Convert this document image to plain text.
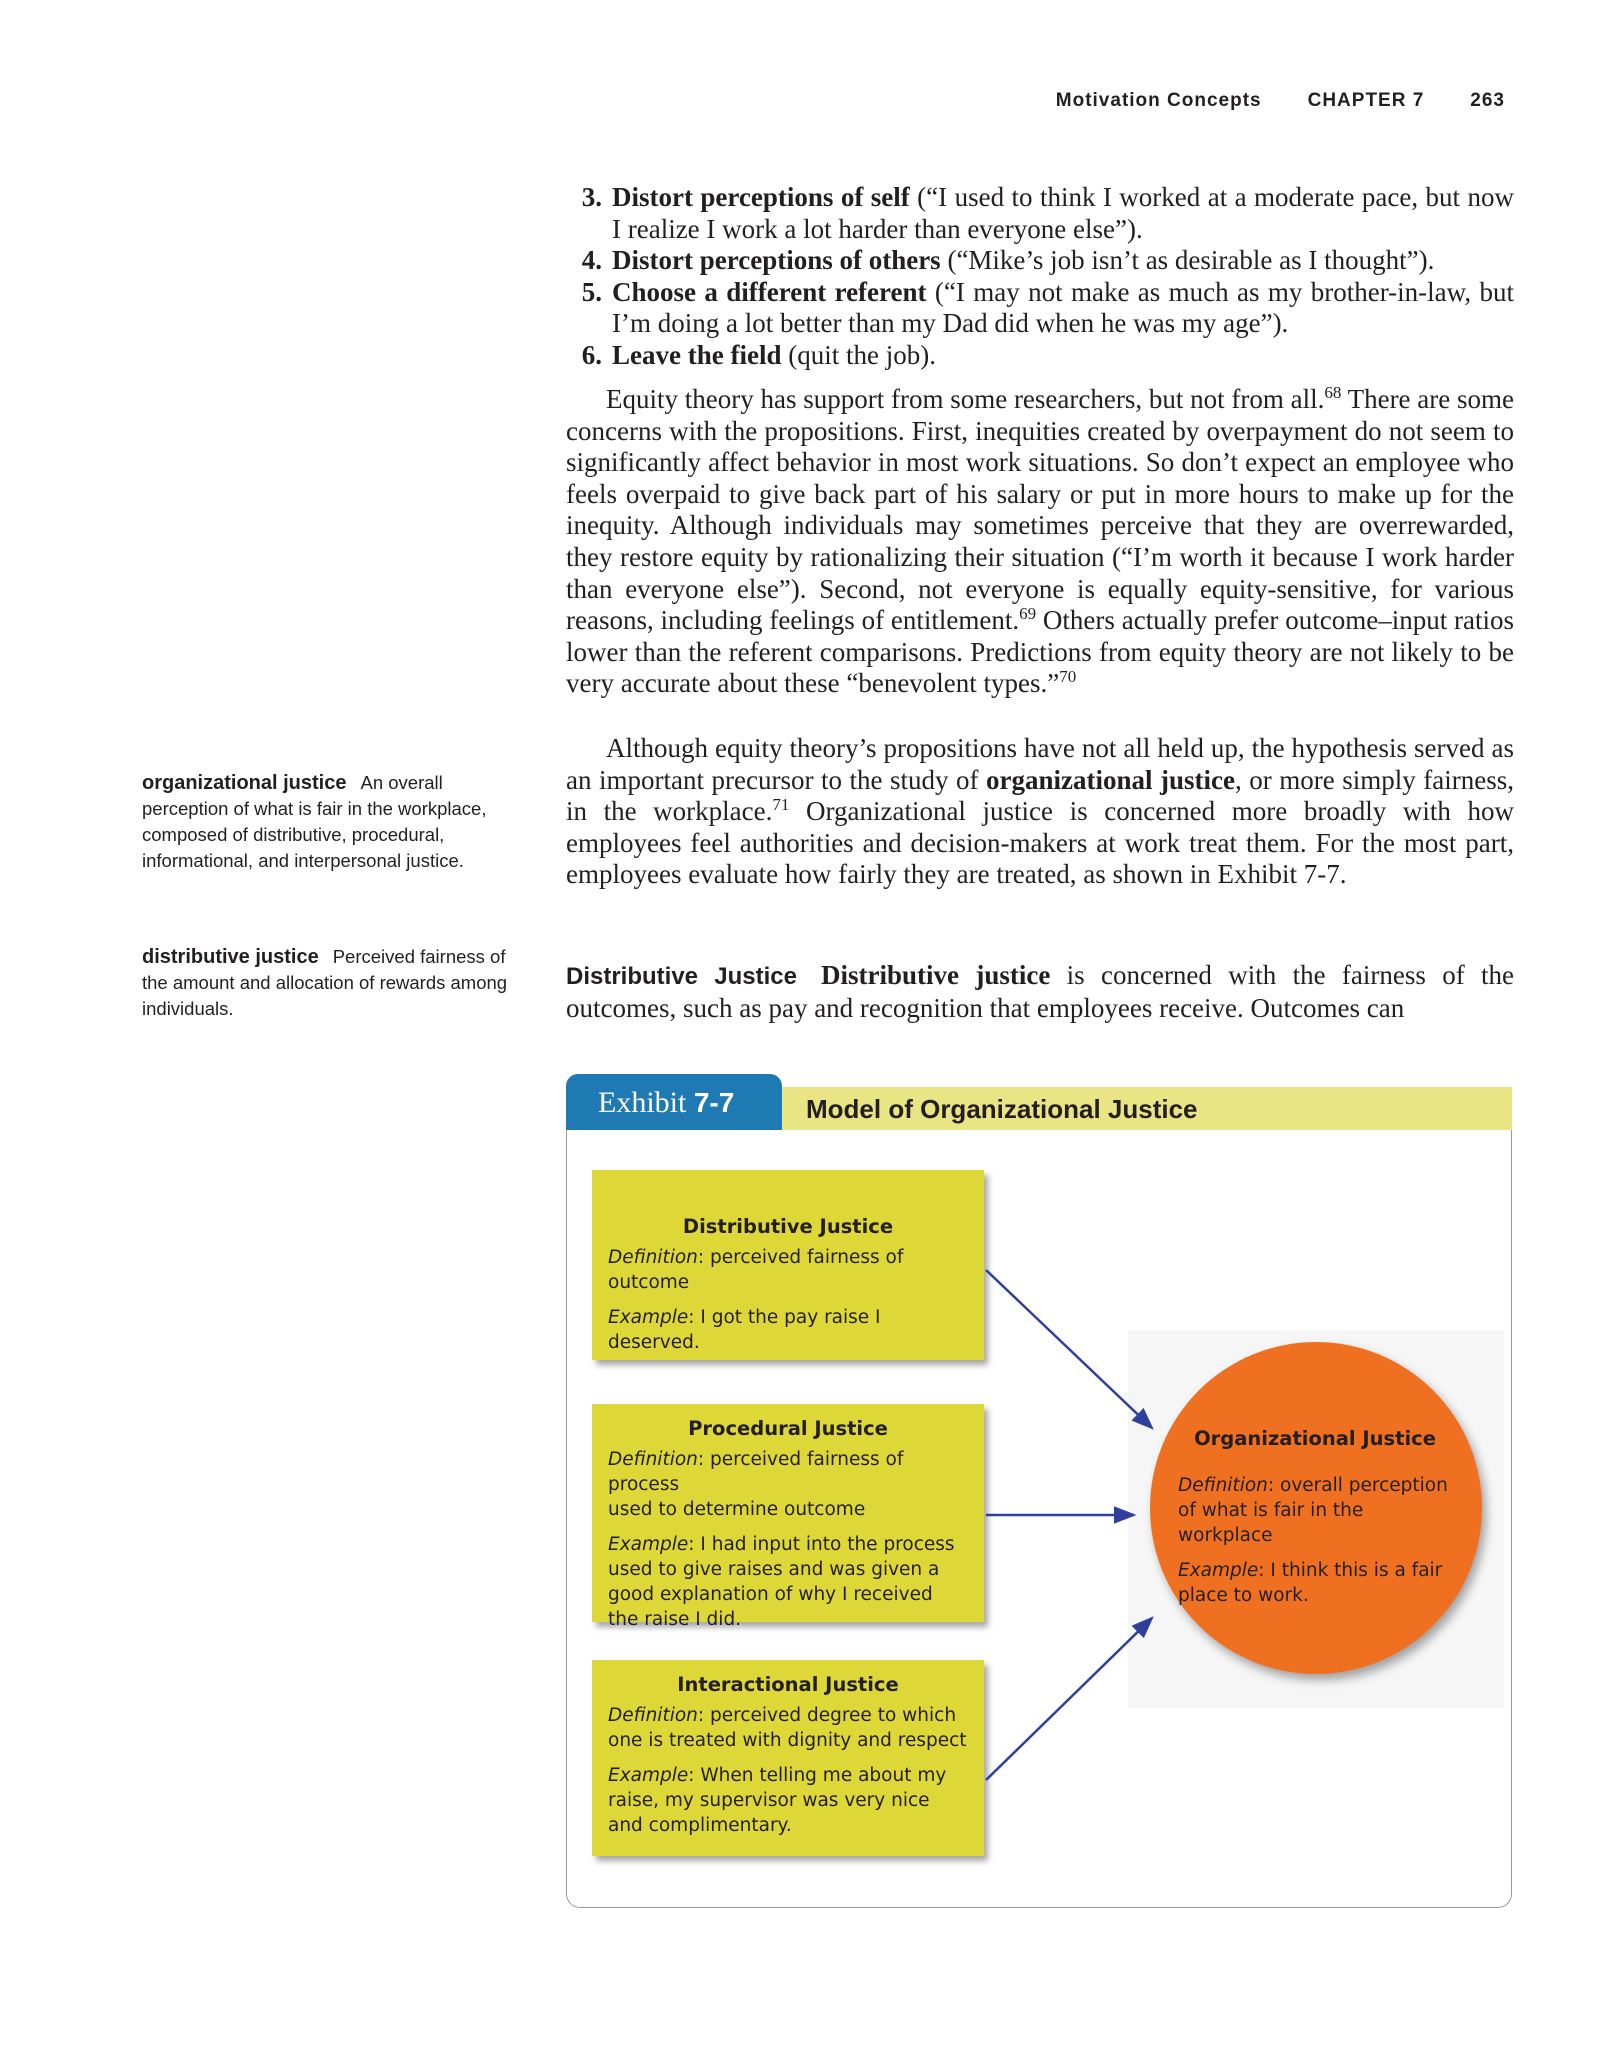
Motivation Concepts CHAPTER 7 263
3. Distort perceptions of self (“I used to think I worked at a moderate pace, but now I realize I work a lot harder than everyone else”).
4. Distort perceptions of others (“Mike’s job isn’t as desirable as I thought”).
5. Choose a different referent (“I may not make as much as my brother-in-law, but I’m doing a lot better than my Dad did when he was my age”).
6. Leave the field (quit the job).

Equity theory has support from some researchers, but not from all.$^{68}$ There are some concerns with the propositions. First, inequities created by overpayment do not seem to significantly affect behavior in most work situations. So don’t expect an employee who feels overpaid to give back part of his salary or put in more hours to make up for the inequity. Although individuals may sometimes perceive that they are overrewarded, they restore equity by rationalizing their situation (“I’m worth it because I work harder than everyone else”). Second, not everyone is equally equity-sensitive, for various reasons, including feelings of entitlement.$^{69}$ Others actually prefer outcome–input ratios lower than the referent comparisons. Predictions from equity theory are not likely to be very accurate about these “benevolent types.”$^{70}$

Although equity theory’s propositions have not all held up, the hypothesis served as an important precursor to the study of organizational justice, or more simply fairness, in the workplace.$^{71}$ Organizational justice is concerned more broadly with how employees feel authorities and decision-makers at work treat them. For the most part, employees evaluate how fairly they are treated, as shown in Exhibit 7-7.

Distributive Justice Distributive justice is concerned with the fairness of the outcomes, such as pay and recognition that employees receive. Outcomes can

organizational justice An overall perception of what is fair in the workplace, composed of distributive, procedural, informational, and interpersonal justice.
distributive justice Perceived fairness of the amount and allocation of rewards among individuals.
Exhibit 7-7	Model of Organizational Justice
Distributive Justice

Definition: perceived fairness of outcome

Example: I got the pay raise I deserved.

Procedural Justice

Definition: perceived fairness of process

used to determine outcome

Example: I had input into the process

used to give raises and was given a

good explanation of why I received

the raise I did.

Interactional Justice

Definition: perceived degree to which

one is treated with dignity and respect

Example: When telling me about my

raise, my supervisor was very nice

and complimentary.

Organizational Justice

Definition: overall perception

of what is fair in the workplace

Example: I think this is a fair

place to work.
